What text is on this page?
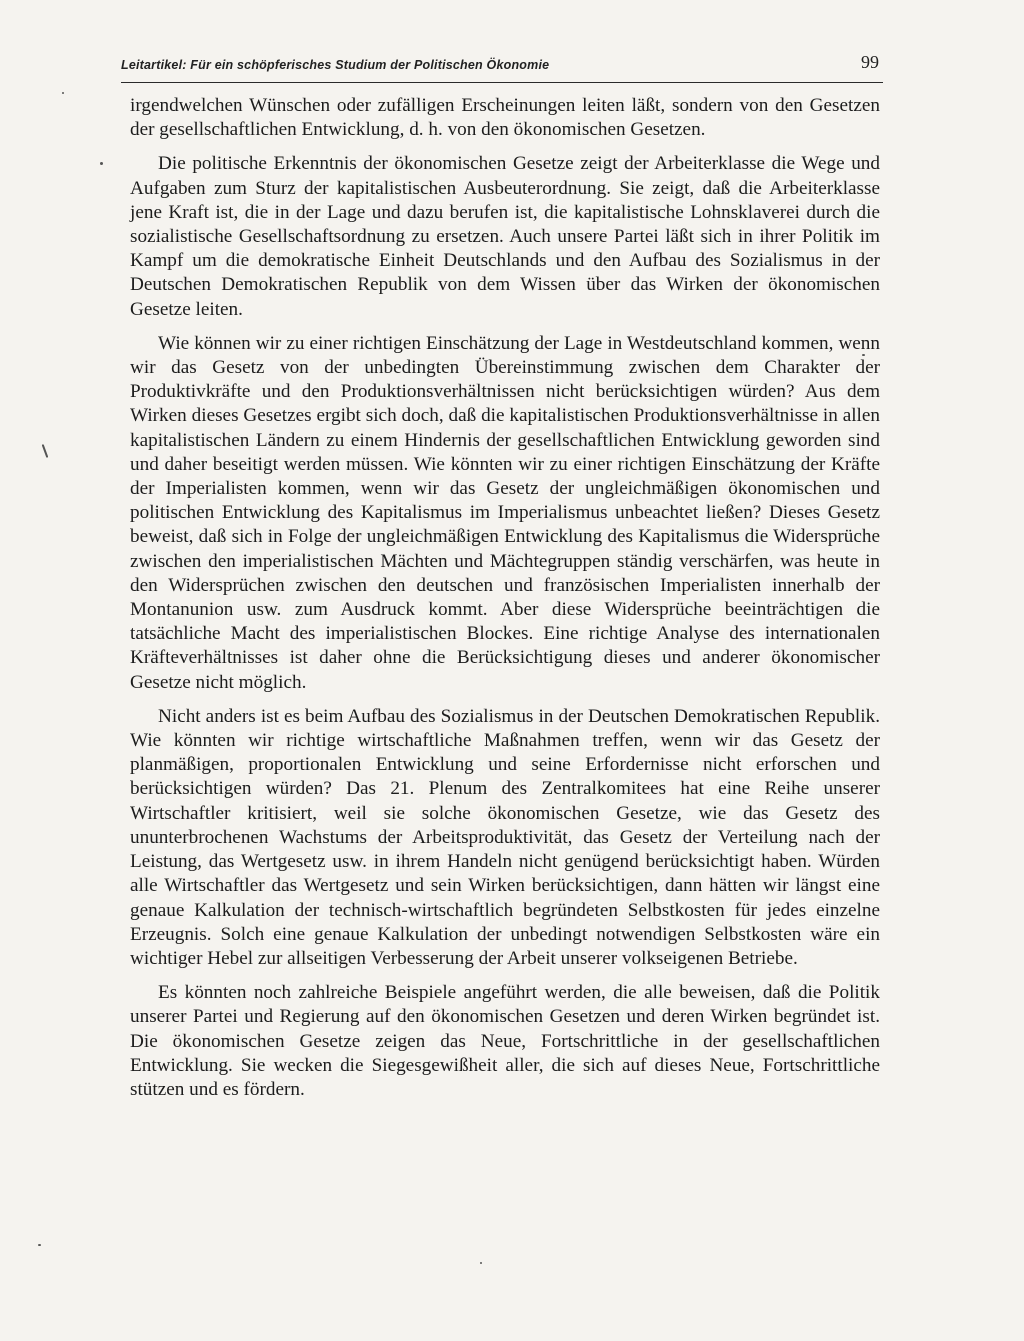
Leitartikel: Für ein schöpferisches Studium der Politischen Ökonomie	99

irgendwelchen Wünschen oder zufälligen Erscheinungen leiten läßt, sondern von den Gesetzen der gesellschaftlichen Entwicklung, d. h. von den ökonomischen Gesetzen.

Die politische Erkenntnis der ökonomischen Gesetze zeigt der Arbeiterklasse die Wege und Aufgaben zum Sturz der kapitalistischen Ausbeuterordnung. Sie zeigt, daß die Arbeiterklasse jene Kraft ist, die in der Lage und dazu berufen ist, die kapitalistische Lohnsklaverei durch die sozialistische Gesellschaftsordnung zu ersetzen. Auch unsere Partei läßt sich in ihrer Politik im Kampf um die demokratische Einheit Deutschlands und den Aufbau des Sozialismus in der Deutschen Demokratischen Republik von dem Wissen über das Wirken der ökonomischen Gesetze leiten.

Wie können wir zu einer richtigen Einschätzung der Lage in Westdeutschland kommen, wenn wir das Gesetz von der unbedingten Übereinstimmung zwischen dem Charakter der Produktivkräfte und den Produktionsverhältnissen nicht berücksichtigen würden? Aus dem Wirken dieses Gesetzes ergibt sich doch, daß die kapitalistischen Produktionsverhältnisse in allen kapitalistischen Ländern zu einem Hindernis der gesellschaftlichen Entwicklung geworden sind und daher beseitigt werden müssen. Wie könnten wir zu einer richtigen Einschätzung der Kräfte der Imperialisten kommen, wenn wir das Gesetz der ungleichmäßigen ökonomischen und politischen Entwicklung des Kapitalismus im Imperialismus unbeachtet ließen? Dieses Gesetz beweist, daß sich in Folge der ungleichmäßigen Entwicklung des Kapitalismus die Widersprüche zwischen den imperialistischen Mächten und Mächtegruppen ständig verschärfen, was heute in den Widersprüchen zwischen den deutschen und französischen Imperialisten innerhalb der Montanunion usw. zum Ausdruck kommt. Aber diese Widersprüche beeinträchtigen die tatsächliche Macht des imperialistischen Blockes. Eine richtige Analyse des internationalen Kräfteverhältnisses ist daher ohne die Berücksichtigung dieses und anderer ökonomischer Gesetze nicht möglich.

Nicht anders ist es beim Aufbau des Sozialismus in der Deutschen Demokratischen Republik. Wie könnten wir richtige wirtschaftliche Maßnahmen treffen, wenn wir das Gesetz der planmäßigen, proportionalen Entwicklung und seine Erfordernisse nicht erforschen und berücksichtigen würden? Das 21. Plenum des Zentralkomitees hat eine Reihe unserer Wirtschaftler kritisiert, weil sie solche ökonomischen Gesetze, wie das Gesetz des ununterbrochenen Wachstums der Arbeitsproduktivität, das Gesetz der Verteilung nach der Leistung, das Wertgesetz usw. in ihrem Handeln nicht genügend berücksichtigt haben. Würden alle Wirtschaftler das Wertgesetz und sein Wirken berücksichtigen, dann hätten wir längst eine genaue Kalkulation der technisch-wirtschaftlich begründeten Selbstkosten für jedes einzelne Erzeugnis. Solch eine genaue Kalkulation der unbedingt notwendigen Selbstkosten wäre ein wichtiger Hebel zur allseitigen Verbesserung der Arbeit unserer volkseigenen Betriebe.

Es könnten noch zahlreiche Beispiele angeführt werden, die alle beweisen, daß die Politik unserer Partei und Regierung auf den ökonomischen Gesetzen und deren Wirken begründet ist. Die ökonomischen Gesetze zeigen das Neue, Fortschrittliche in der gesellschaftlichen Entwicklung. Sie wecken die Siegesgewißheit aller, die sich auf dieses Neue, Fortschrittliche stützen und es fördern.
